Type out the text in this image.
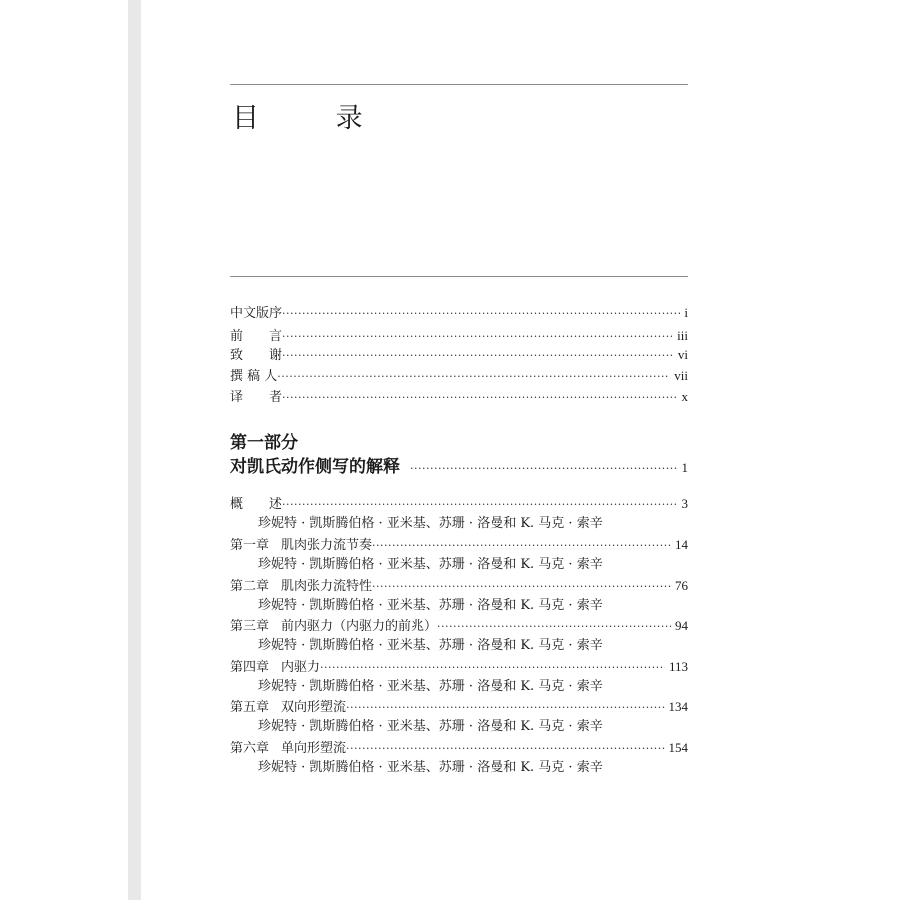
目 录
中文版序 ·····	i
前　　言 ·····	iii
致　　谢 ·····	vi
撰 稿 人 ·····	vii
译　　者 ·····	x
第一部分
对凯氏动作侧写的解释 ·····	1
概　　述 ·····	3
珍妮特 · 凯斯腾伯格 · 亚米基、苏珊 · 洛曼和 K. 马克 · 索辛
第一章 肌肉张力流节奏 ·····	14
珍妮特 · 凯斯腾伯格 · 亚米基、苏珊 · 洛曼和 K. 马克 · 索辛
第二章 肌肉张力流特性 ·····	76
珍妮特 · 凯斯腾伯格 · 亚米基、苏珊 · 洛曼和 K. 马克 · 索辛
第三章 前内驱力（内驱力的前兆） ·····	94
珍妮特 · 凯斯腾伯格 · 亚米基、苏珊 · 洛曼和 K. 马克 · 索辛
第四章 内驱力 ·····	113
珍妮特 · 凯斯腾伯格 · 亚米基、苏珊 · 洛曼和 K. 马克 · 索辛
第五章 双向形塑流 ·····	134
珍妮特 · 凯斯腾伯格 · 亚米基、苏珊 · 洛曼和 K. 马克 · 索辛
第六章 单向形塑流 ·····	154
珍妮特 · 凯斯腾伯格 · 亚米基、苏珊 · 洛曼和 K. 马克 · 索辛
